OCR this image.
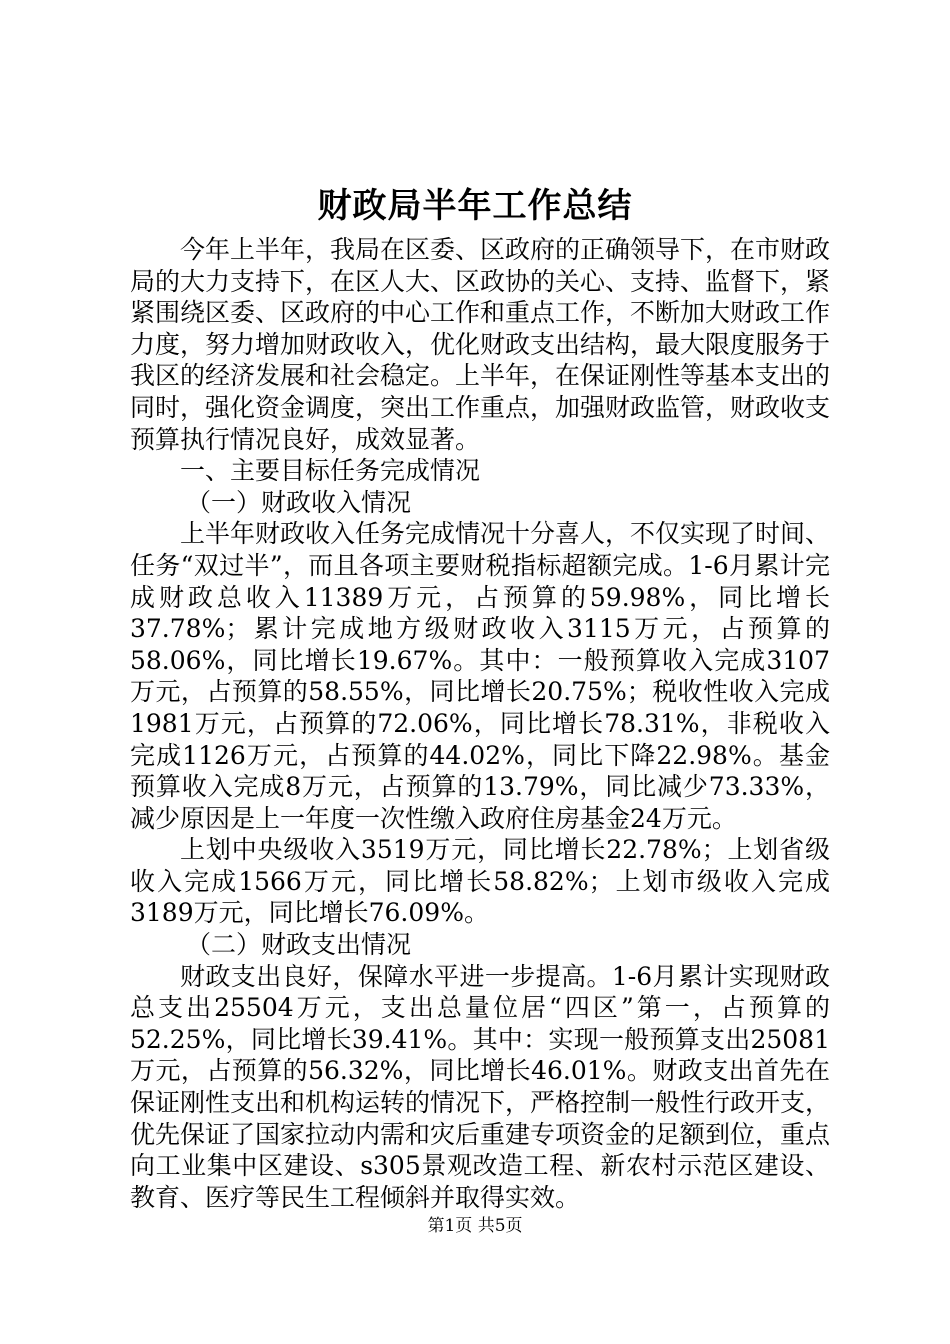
财政局半年工作总结

今年上半年，我局在区委、区政府的正确领导下，在市财政局的大力支持下，在区人大、区政协的关心、支持、监督下，紧紧围绕区委、区政府的中心工作和重点工作，不断加大财政工作力度，努力增加财政收入，优化财政支出结构，最大限度服务于我区的经济发展和社会稳定。上半年，在保证刚性等基本支出的同时，强化资金调度，突出工作重点，加强财政监管，财政收支预算执行情况良好，成效显著。

一、主要目标任务完成情况

（一）财政收入情况

上半年财政收入任务完成情况十分喜人，不仅实现了时间、任务“双过半”，而且各项主要财税指标超额完成。1-6月累计完成财政总收入11389万元，占预算的59.98%，同比增长37.78%；累计完成地方级财政收入3115万元，占预算的58.06%，同比增长19.67%。其中：一般预算收入完成3107万元，占预算的58.55%，同比增长20.75%；税收性收入完成1981万元，占预算的72.06%，同比增长78.31%，非税收入完成1126万元，占预算的44.02%，同比下降22.98%。基金预算收入完成8万元，占预算的13.79%，同比减少73.33%，减少原因是上一年度一次性缴入政府住房基金24万元。

上划中央级收入3519万元，同比增长22.78%；上划省级收入完成1566万元，同比增长58.82%；上划市级收入完成3189万元，同比增长76.09%。

（二）财政支出情况

财政支出良好，保障水平进一步提高。1-6月累计实现财政总支出25504万元，支出总量位居“四区”第一，占预算的52.25%，同比增长39.41%。其中：实现一般预算支出25081万元，占预算的56.32%，同比增长46.01%。财政支出首先在保证刚性支出和机构运转的情况下，严格控制一般性行政开支，优先保证了国家拉动内需和灾后重建专项资金的足额到位，重点向工业集中区建设、s305景观改造工程、新农村示范区建设、教育、医疗等民生工程倾斜并取得实效。

第1页 共5页
